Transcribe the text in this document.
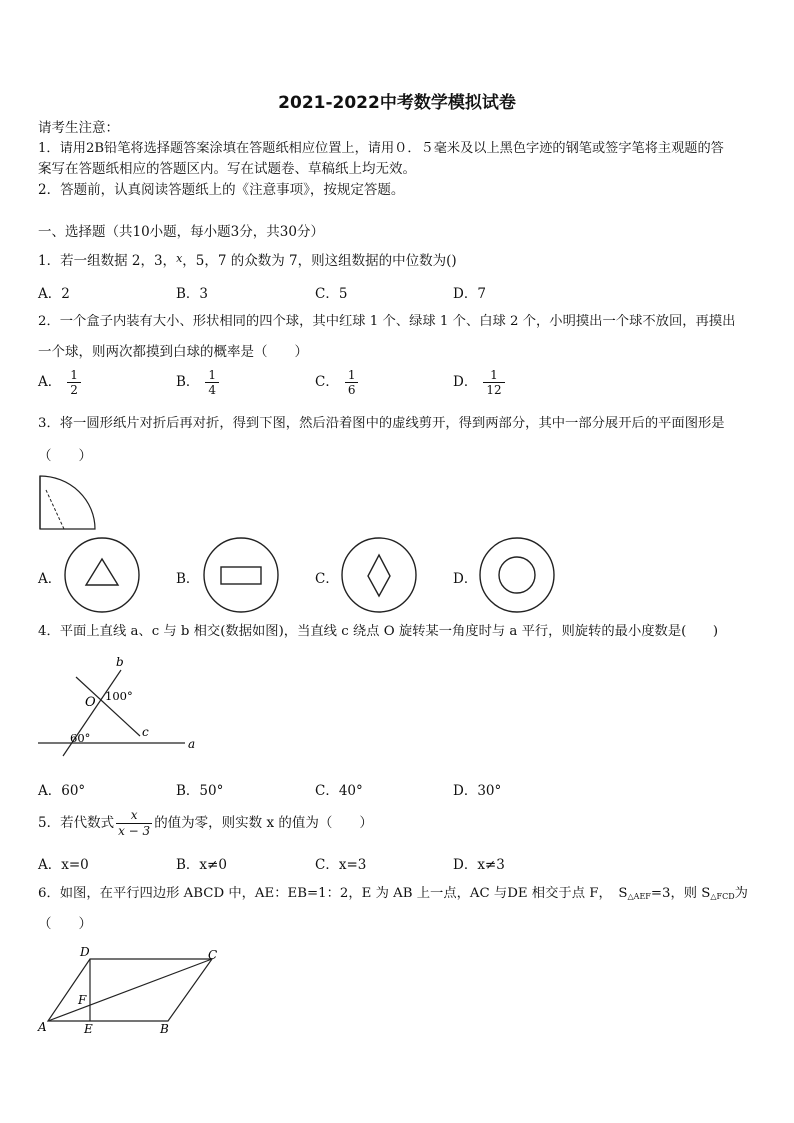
2021-2022中考数学模拟试卷
请考生注意：
1．请用2B铅笔将选择题答案涂填在答题纸相应位置上，请用０．５毫米及以上黑色字迹的钢笔或签字笔将主观题的答
案写在答题纸相应的答题区内。写在试题卷、草稿纸上均无效。
2．答题前，认真阅读答题纸上的《注意事项》，按规定答题。
一、选择题（共10小题，每小题3分，共30分）
1．若一组数据 2，3，$^x$，5，7 的众数为 7，则这组数据的中位数为()
A．2	B．3	C．5	D．7
2．一个盒子内装有大小、形状相同的四个球，其中红球 1 个、绿球 1 个、白球 2 个，小明摸出一个球不放回，再摸出
一个球，则两次都摸到白球的概率是（　　）
A． $\frac{1}{2}$	B． $\frac{1}{4}$	C． $\frac{1}{6}$	D． $\frac{1}{12}$
3．将一圆形纸片对折后再对折，得到下图，然后沿着图中的虚线剪开，得到两部分，其中一部分展开后的平面图形是
（　　）
A．	B．	C．	D．
4．平面上直线 a、c 与 b 相交(数据如图)，当直线 c 绕点 O 旋转某一角度时与 a 平行，则旋转的最小度数是(　　)
b
O 100°
c
60°	a
A．60°	B．50°	C．40°	D．30°
5．若代数式 $\frac{x}{x - 3}$ 的值为零，则实数 x 的值为（　　）
A．x=0	B．x≠0	C．x=3	D．x≠3
6．如图，在平行四边形 ABCD 中，AE：EB=1：2，E 为 AB 上一点，AC 与DE 相交于点 F，　S△AEF=3，则 S△FCD为
（　　）
A	E	B
C
D
F
